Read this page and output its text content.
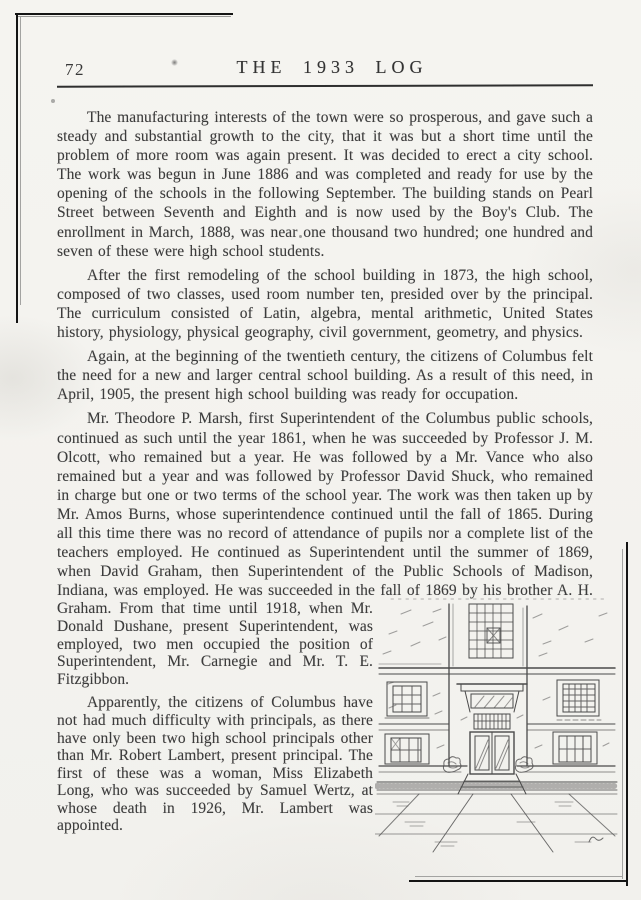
72	THE 1933 LOG

The manufacturing interests of the town were so prosperous, and gave such a steady and substantial growth to the city, that it was but a short time until the problem of more room was again present. It was decided to erect a city school. The work was begun in June 1886 and was completed and ready for use by the opening of the schools in the following September. The building stands on Pearl Street between Seventh and Eighth and is now used by the Boy's Club. The enrollment in March, 1888, was near one thousand two hundred; one hundred and seven of these were high school students.

After the first remodeling of the school building in 1873, the high school, composed of two classes, used room number ten, presided over by the principal. The curriculum consisted of Latin, algebra, mental arithmetic, United States history, physiology, physical geography, civil government, geometry, and physics.

Again, at the beginning of the twentieth century, the citizens of Columbus felt the need for a new and larger central school building. As a result of this need, in April, 1905, the present high school building was ready for occupation.

Mr. Theodore P. Marsh, first Superintendent of the Columbus public schools, continued as such until the year 1861, when he was succeeded by Professor J. M. Olcott, who remained but a year. He was followed by a Mr. Vance who also remained but a year and was followed by Professor David Shuck, who remained in charge but one or two terms of the school year. The work was then taken up by Mr. Amos Burns, whose superintendence continued until the fall of 1865. During all this time there was no record of attendance of pupils nor a complete list of the teachers employed. He continued as Superintendent until the summer of 1869, when David Graham, then Superintendent of the Public Schools of Madison, Indiana, was employed. He was succeeded in the fall of 1869 by his brother A. H.

Graham. From that time until 1918, when Mr. Donald Dushane, present Superintendent, was employed, two men occupied the position of Superintendent, Mr. Carnegie and Mr. T. E. Fitzgibbon.

Apparently, the citizens of Columbus have not had much difficulty with principals, as there have only been two high school principals other than Mr. Robert Lambert, present principal. The first of these was a woman, Miss Elizabeth Long, who was succeeded by Samuel Wertz, at whose death in 1926, Mr. Lambert was appointed.
